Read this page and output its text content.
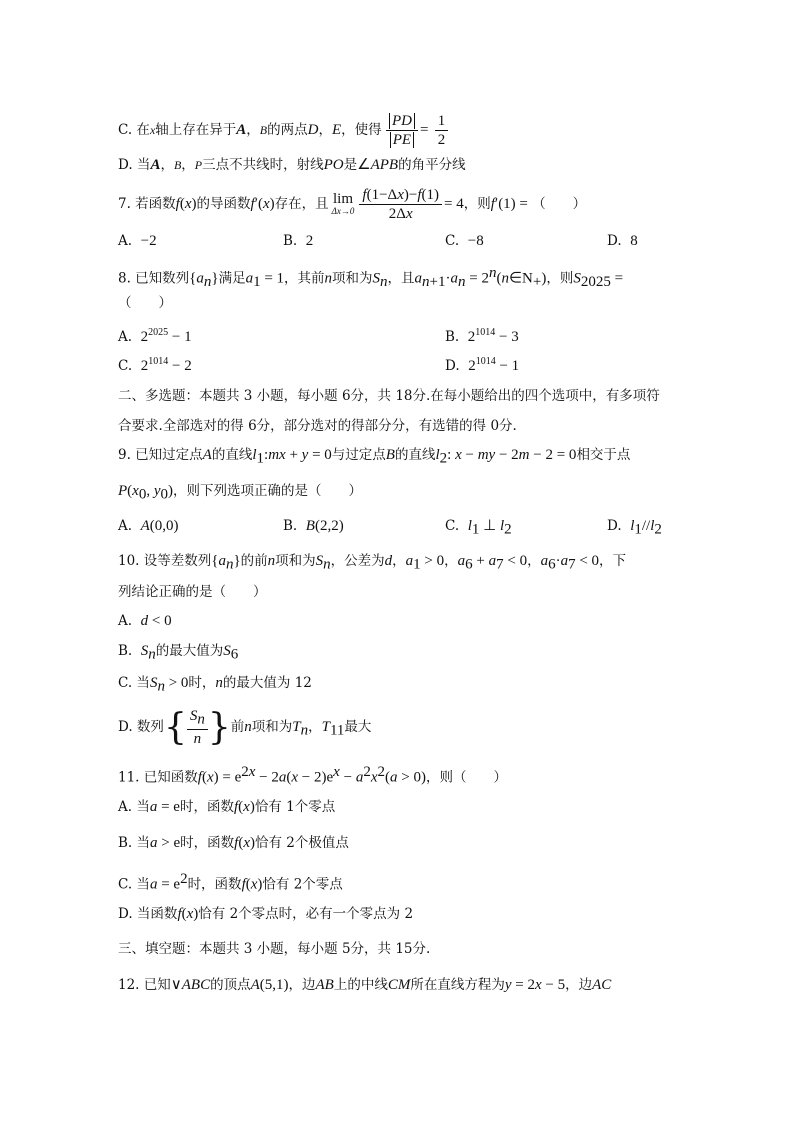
C. 在x轴上存在异于A，B的两点D，E，使得 $\frac{PD}{PE} = \frac{1}{2}$
D. 当A，B，P三点不共线时，射线PO是∠APB的角平分线
7. 若函数f(x)的导函数f′(x)存在，且 lim
$\Delta x\to 0 \frac{f(1-\Delta x)-f(1)}{2\Delta x} = 4$，则f′(1) = （　　）
A.  −2	B.  2	C.  −8	D.  8
8. 已知数列$\{a_n\}$满足$a_1 = 1$，其前n项和为$S_n$，且$a_{n+1}\cdot a_n$ = $2^n(n\in N_+)$，则$S_{2025}$ =
（　　）
A.  $2^{2025} - 1$	B.  $2^{1014} - 3$
C.  $2^{1014} - 2$	D.  $2^{1014} - 1$
二、多选题：本题共 3 小题，每小题 6分，共 18分.在每小题给出的四个选项中，有多项符
合要求.全部选对的得 6分，部分选对的得部分分，有选错的得 0分.
9. 已知过定点A的直线$l_1:mx + y = 0$与过定点B的直线$l_2$: x − my − 2m − 2 = 0相交于点
$P(x_0$, $y_0$)，则下列选项正确的是（　　）
A.  A(0,0)	B.  B(2,2)	C.  $l_1$ ⊥ $l_2$	D.  $l_1//l_2$
10. 设等差数列$\{a_n\}$的前n项和为$S_n$，公差为d，$a_1 > 0$，$a_6 + a_7 < 0$，$a_6\cdot a_7 < 0$，下
列结论正确的是（　　）
A.  d < 0
B.  $S_n$的最大值为$S_6$
C. 当$S_n > 0$时，n的最大值为 12
D. 数列{ $\frac{S_n}{n}$ }前n项和为$T_n$，$T_{11}$最大
11. 已知函数$f(x) = e^{2x} - 2a(x - 2)e^x - a^2x^2(a > 0)$，则（　　）
A. 当a = e时，函数f(x)恰有 1个零点
B. 当a > e时，函数f(x)恰有 2个极值点
C. 当$a = e^2$时，函数f(x)恰有 2个零点
D. 当函数f(x)恰有 2个零点时，必有一个零点为 2
三、填空题：本题共 3 小题，每小题 5分，共 15分.
12. 已知∨ABC的顶点A(5,1)，边AB上的中线CM所在直线方程为y = 2x − 5，边AC
